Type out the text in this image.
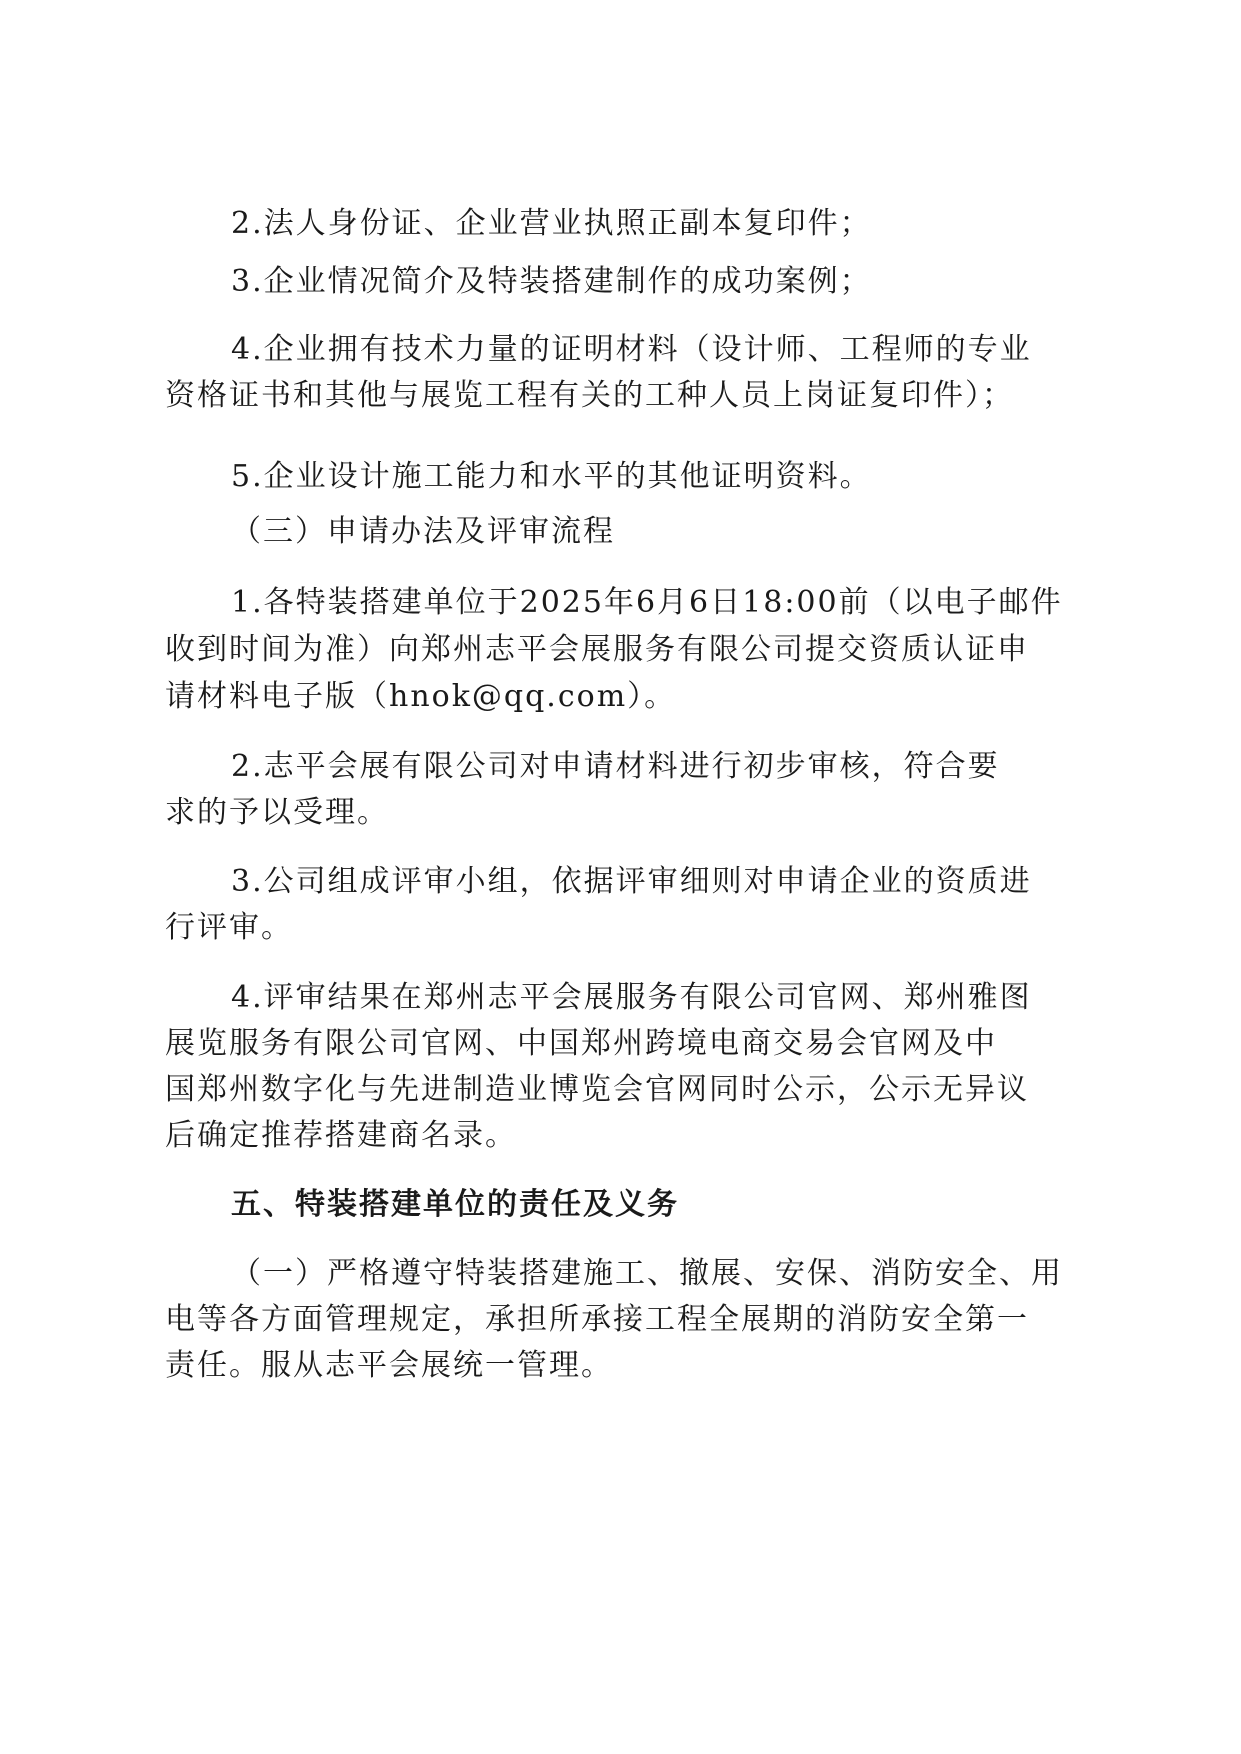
2.法人身份证、企业营业执照正副本复印件；
3.企业情况简介及特装搭建制作的成功案例；
4.企业拥有技术力量的证明材料（设计师、工程师的专业
资格证书和其他与展览工程有关的工种人员上岗证复印件）；
5.企业设计施工能力和水平的其他证明资料。
（三）申请办法及评审流程
1.各特装搭建单位于2025年6月6日18:00前（以电子邮件
收到时间为准）向郑州志平会展服务有限公司提交资质认证申
请材料电子版（hnok@qq.com）。
2.志平会展有限公司对申请材料进行初步审核，符合要
求的予以受理。
3.公司组成评审小组，依据评审细则对申请企业的资质进
行评审。
4.评审结果在郑州志平会展服务有限公司官网、郑州雅图
展览服务有限公司官网、中国郑州跨境电商交易会官网及中
国郑州数字化与先进制造业博览会官网同时公示，公示无异议
后确定推荐搭建商名录。
五、特装搭建单位的责任及义务
（一）严格遵守特装搭建施工、撤展、安保、消防安全、用
电等各方面管理规定，承担所承接工程全展期的消防安全第一
责任。服从志平会展统一管理。
